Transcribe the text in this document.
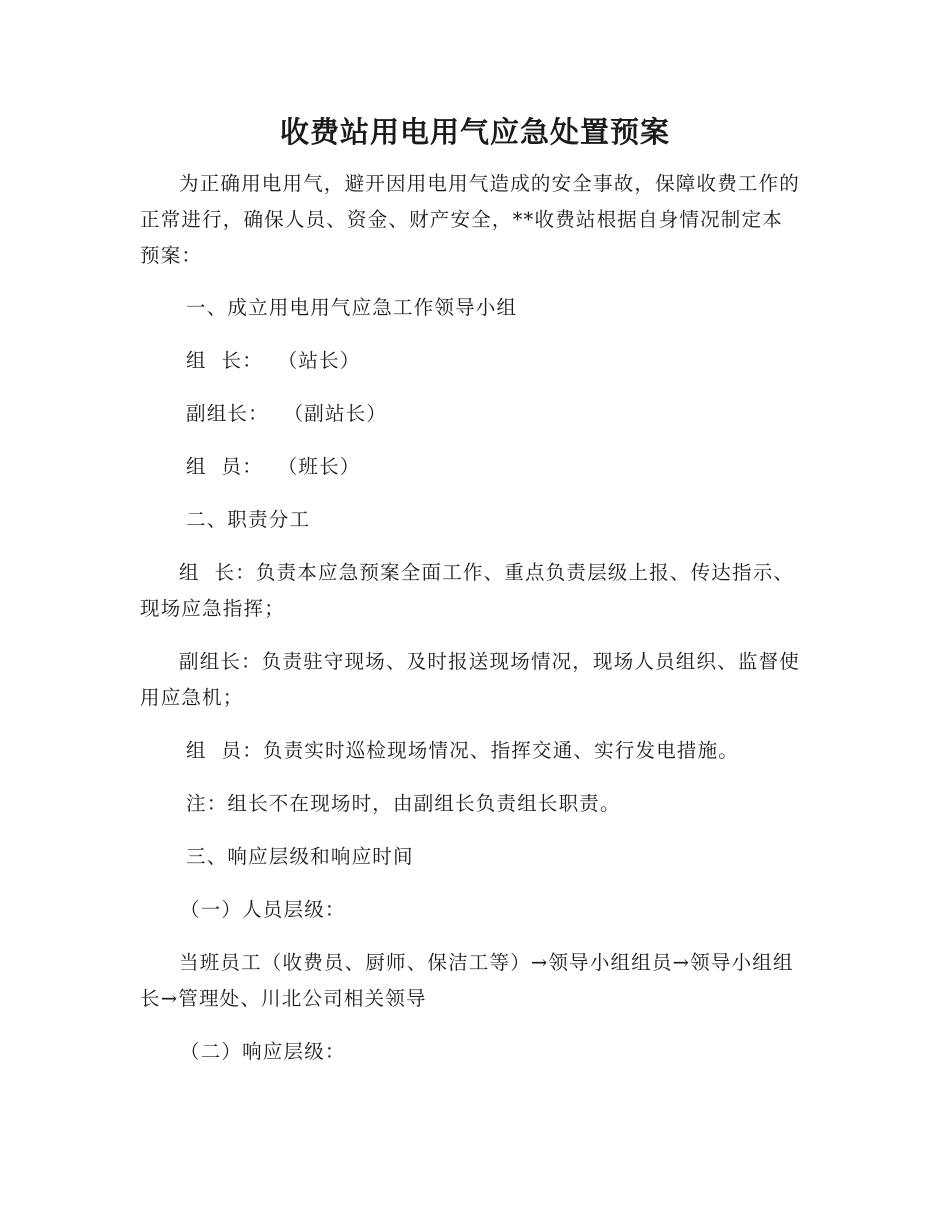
收费站用电用气应急处置预案

为正确用电用气，避开因用电用气造成的安全事故，保障收费工作的正常进行，确保人员、资金、财产安全，**收费站根据自身情况制定本预案：

一、成立用电用气应急工作领导小组

组  长：  （站长）

副组长：  （副站长）

组  员：  （班长）

二、职责分工

组  长：负责本应急预案全面工作、重点负责层级上报、传达指示、现场应急指挥；

副组长：负责驻守现场、及时报送现场情况，现场人员组织、监督使用应急机；

组  员：负责实时巡检现场情况、指挥交通、实行发电措施。

注：组长不在现场时，由副组长负责组长职责。

三、响应层级和响应时间

（一）人员层级：

当班员工（收费员、厨师、保洁工等）→领导小组组员→领导小组组长→管理处、川北公司相关领导

（二）响应层级：
